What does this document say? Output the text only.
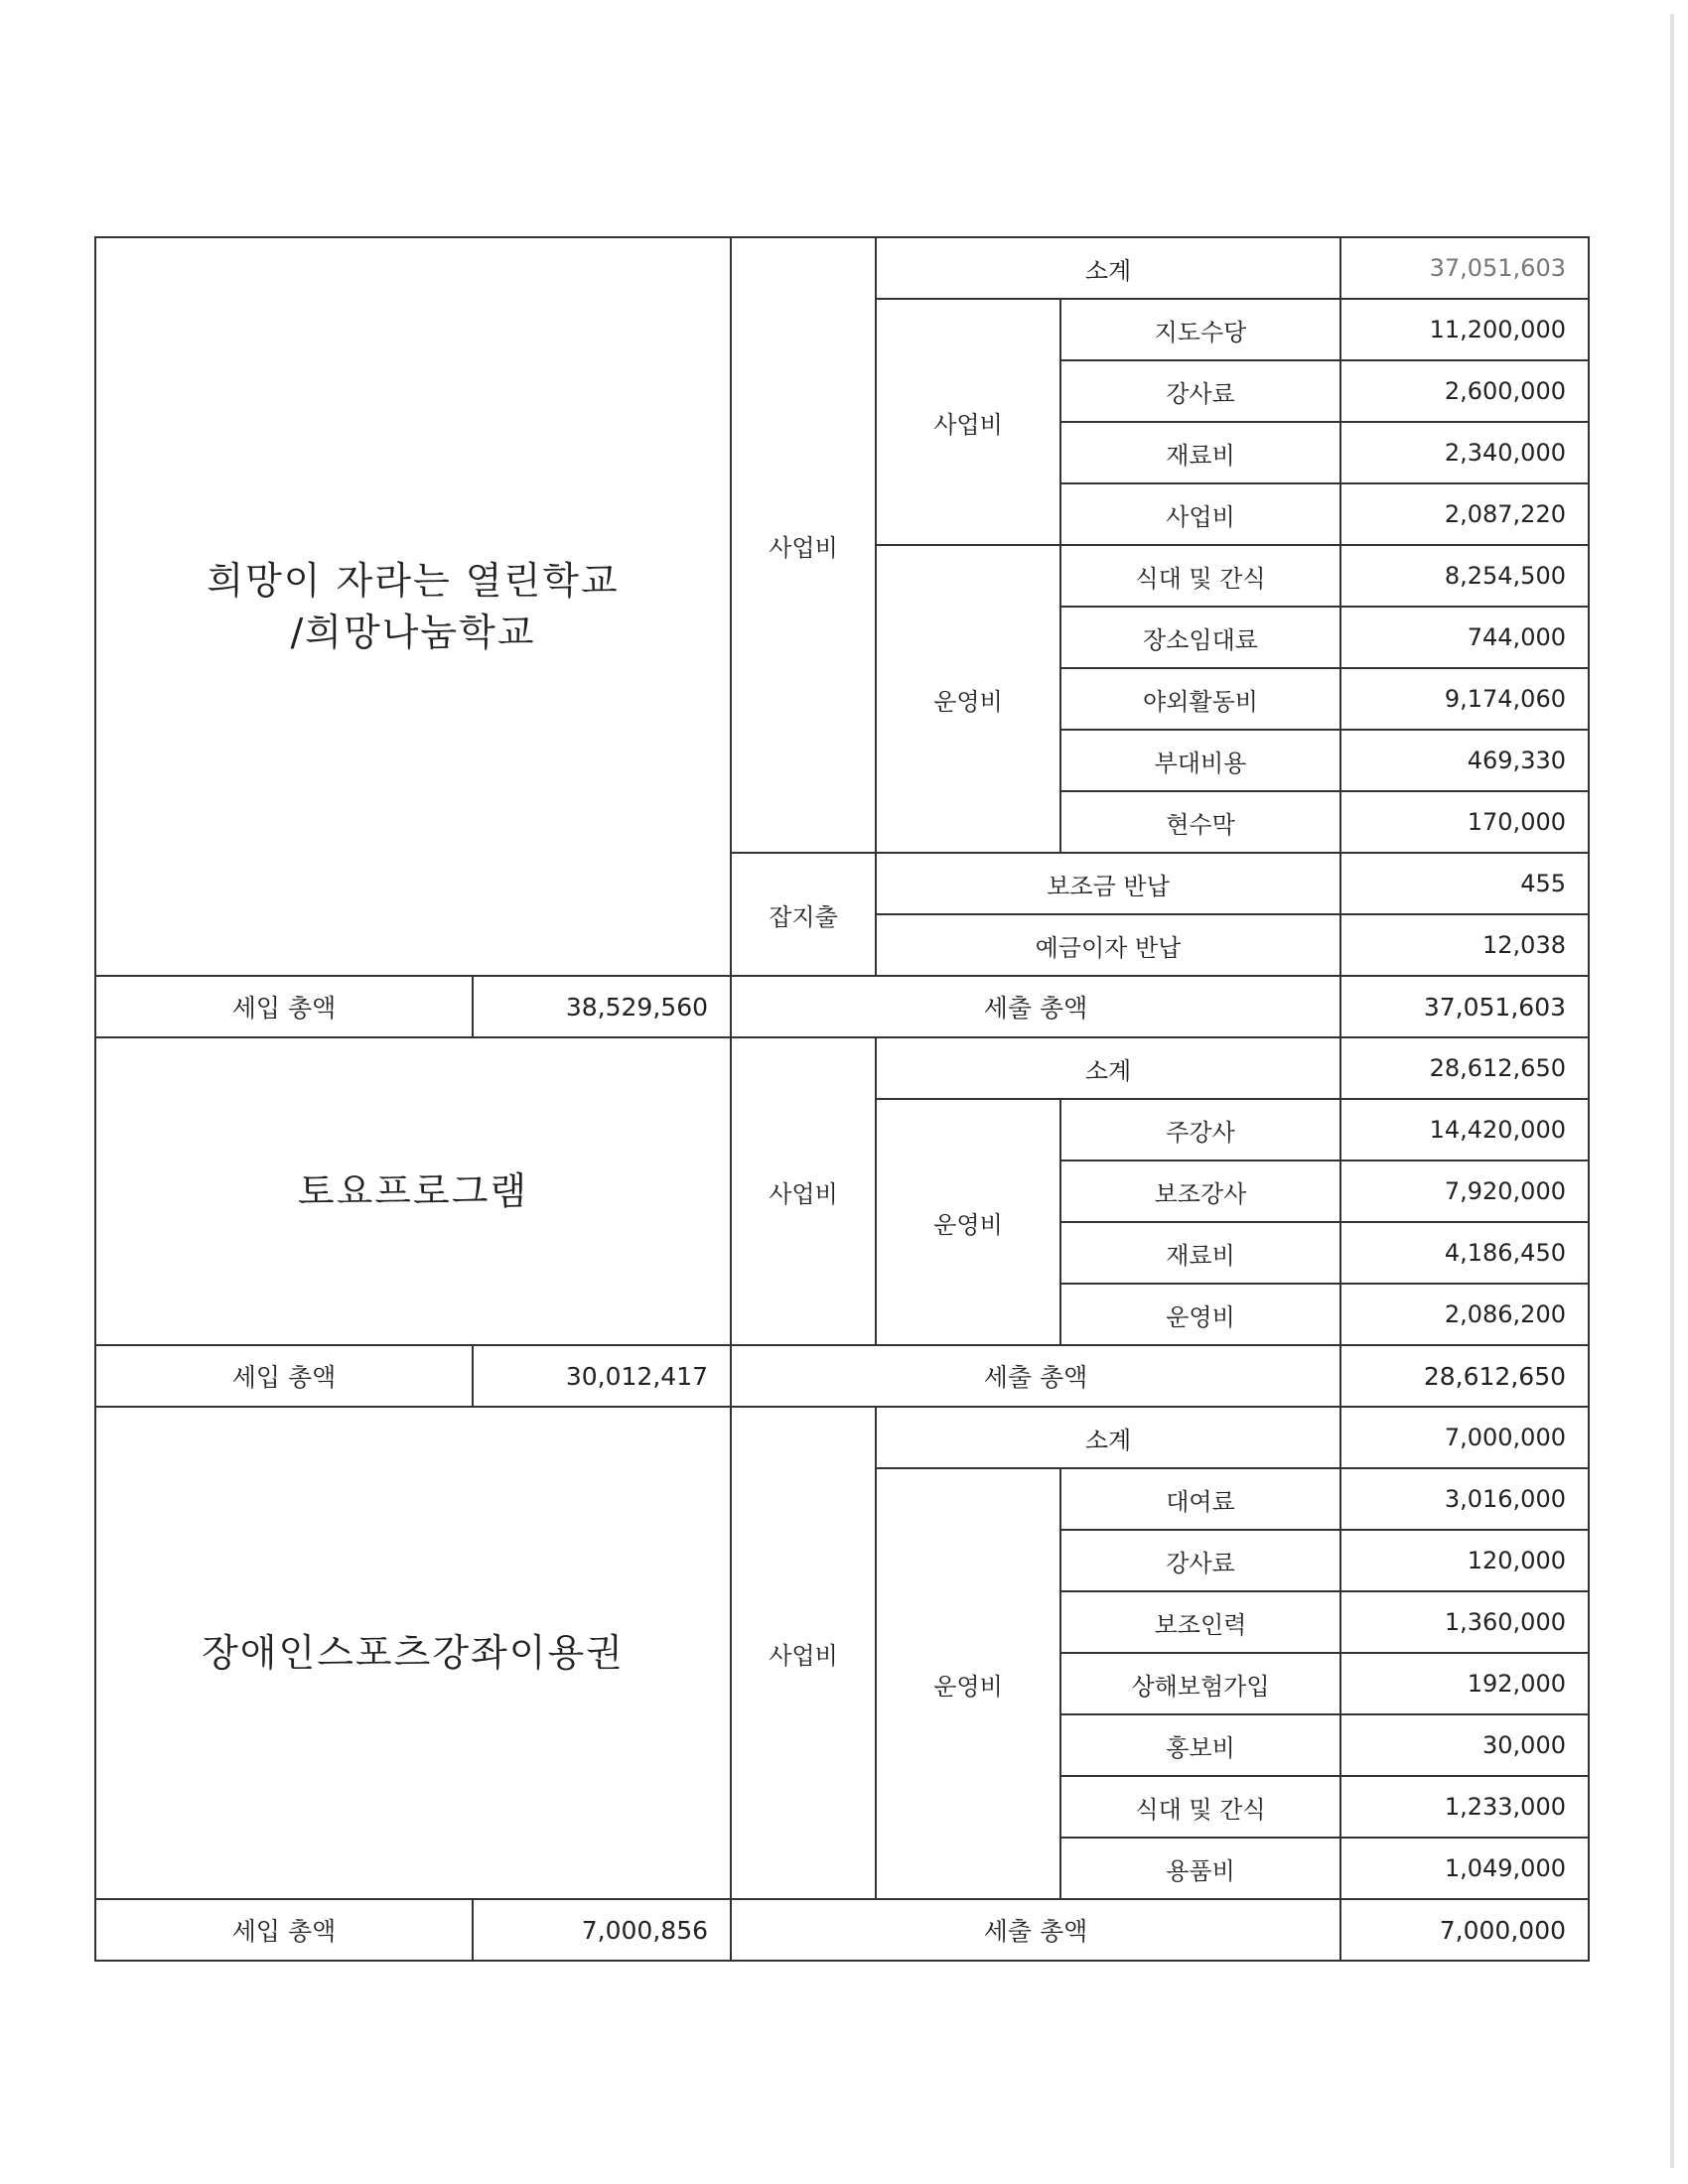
희망이 자라는 열린학교
/희망나눔학교		사업비	소계		37,051,603
			사업비	지도수당	11,200,000
				강사료	2,600,000
				재료비	2,340,000
				사업비	2,087,220
			운영비	식대 및 간식	8,254,500
				장소임대료	744,000
				야외활동비	9,174,060
				부대비용	469,330
				현수막	170,000
		잡지출	보조금 반납		455
			예금이자 반납		12,038
세입 총액	38,529,560	세출 총액			37,051,603

토요프로그램		사업비	소계		28,612,650
			운영비	주강사	14,420,000
				보조강사	7,920,000
				재료비	4,186,450
				운영비	2,086,200
세입 총액	30,012,417	세출 총액			28,612,650

장애인스포츠강좌이용권		사업비	소계		7,000,000
			운영비	대여료	3,016,000
				강사료	120,000
				보조인력	1,360,000
				상해보험가입	192,000
				홍보비	30,000
				식대 및 간식	1,233,000
				용품비	1,049,000
세입 총액	7,000,856	세출 총액			7,000,000
